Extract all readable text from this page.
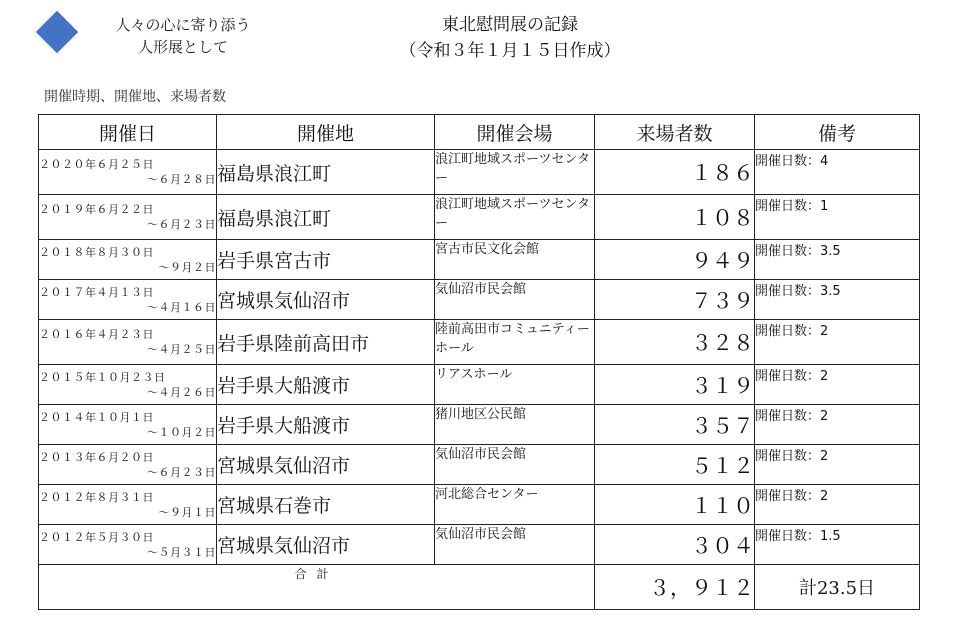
人々の心に寄り添う
人形展として
東北慰問展の記録
（令和３年１月１５日作成）
開催時期、開催地、来場者数
開催日	開催地	開催会場	来場者数	備考

２０２０年６月２５日
～６月２８日	福島県浪江町	浪江町地域スポーツセンター	１８６	開催日数：4

２０１９年６月２２日
～６月２３日	福島県浪江町	浪江町地域スポーツセンター	１０８	開催日数：1

２０１８年８月３０日
～９月２日	岩手県宮古市	宮古市民文化会館	９４９	開催日数：3.5

２０１７年４月１３日
～４月１６日	宮城県気仙沼市	気仙沼市民会館	７３９	開催日数：3.5

２０１６年４月２３日
～４月２５日	岩手県陸前高田市	陸前高田市コミュニティーホール	３２８	開催日数：2

２０１５年１０月２３日
～４月２６日	岩手県大船渡市	リアスホール	３１９	開催日数：2

２０１４年１０月１日
～１０月２日	岩手県大船渡市	猪川地区公民館	３５７	開催日数：2

２０１３年６月２０日
～６月２３日	宮城県気仙沼市	気仙沼市民会館	５１２	開催日数：2

２０１２年８月３１日
～９月１日	宮城県石巻市	河北総合センター	１１０	開催日数：2

２０１２年５月３０日
～５月３１日	宮城県気仙沼市	気仙沼市民会館	３０４	開催日数：1.5
合計			３，９１２	計23.5日
